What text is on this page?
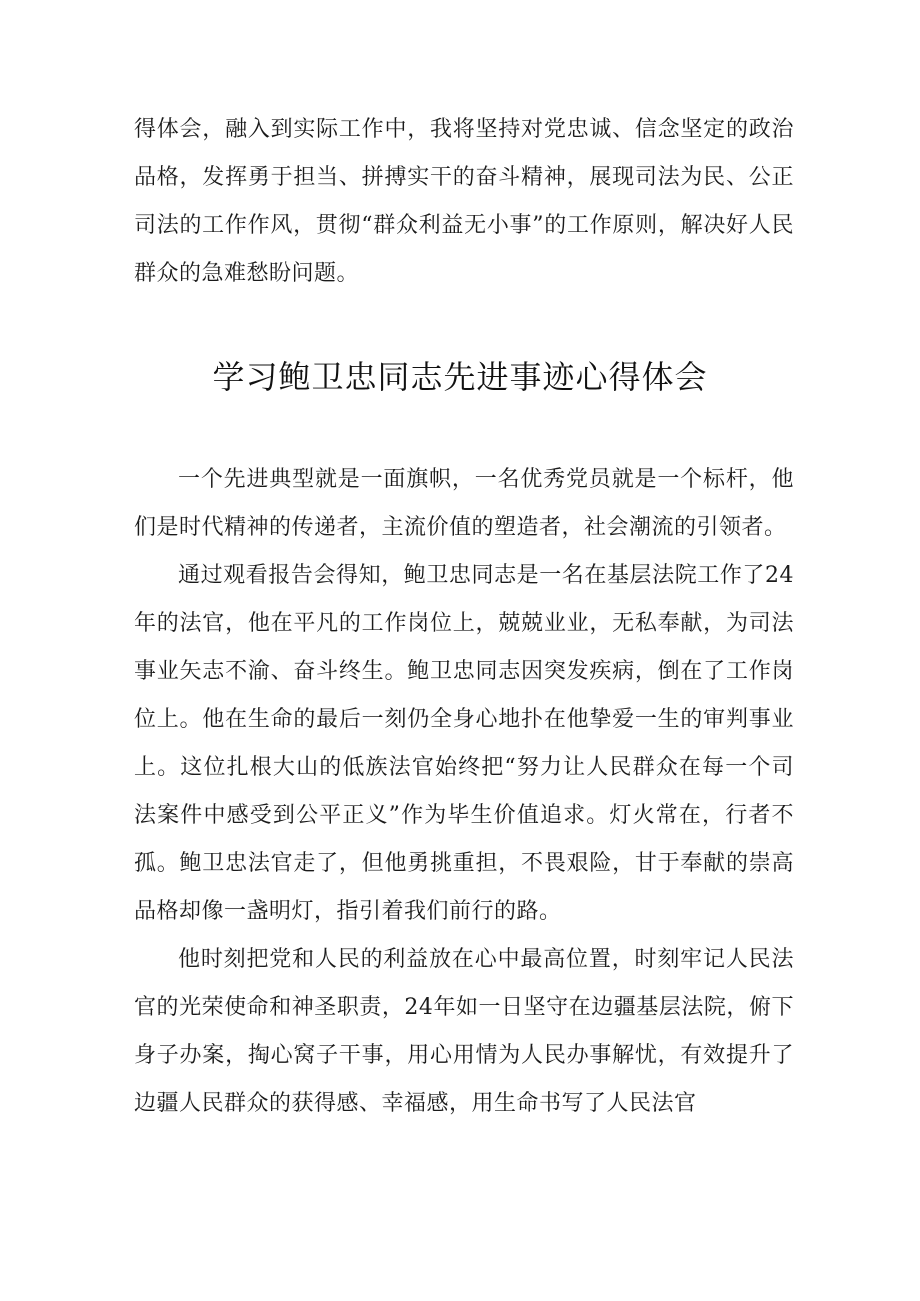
得体会，融入到实际工作中，我将坚持对党忠诚、信念坚定的政治品格，发挥勇于担当、拼搏实干的奋斗精神，展现司法为民、公正司法的工作作风，贯彻“群众利益无小事”的工作原则，解决好人民群众的急难愁盼问题。

学习鲍卫忠同志先进事迹心得体会

一个先进典型就是一面旗帜，一名优秀党员就是一个标杆，他们是时代精神的传递者，主流价值的塑造者，社会潮流的引领者。

通过观看报告会得知，鲍卫忠同志是一名在基层法院工作了24年的法官，他在平凡的工作岗位上，兢兢业业，无私奉献，为司法事业矢志不渝、奋斗终生。鲍卫忠同志因突发疾病，倒在了工作岗位上。他在生命的最后一刻仍全身心地扑在他挚爱一生的审判事业上。这位扎根大山的低族法官始终把“努力让人民群众在每一个司法案件中感受到公平正义”作为毕生价值追求。灯火常在，行者不孤。鲍卫忠法官走了，但他勇挑重担，不畏艰险，甘于奉献的崇高品格却像一盏明灯，指引着我们前行的路。

他时刻把党和人民的利益放在心中最高位置，时刻牢记人民法官的光荣使命和神圣职责，24年如一日坚守在边疆基层法院，俯下身子办案，掏心窝子干事，用心用情为人民办事解忧，有效提升了边疆人民群众的获得感、幸福感，用生命书写了人民法官
